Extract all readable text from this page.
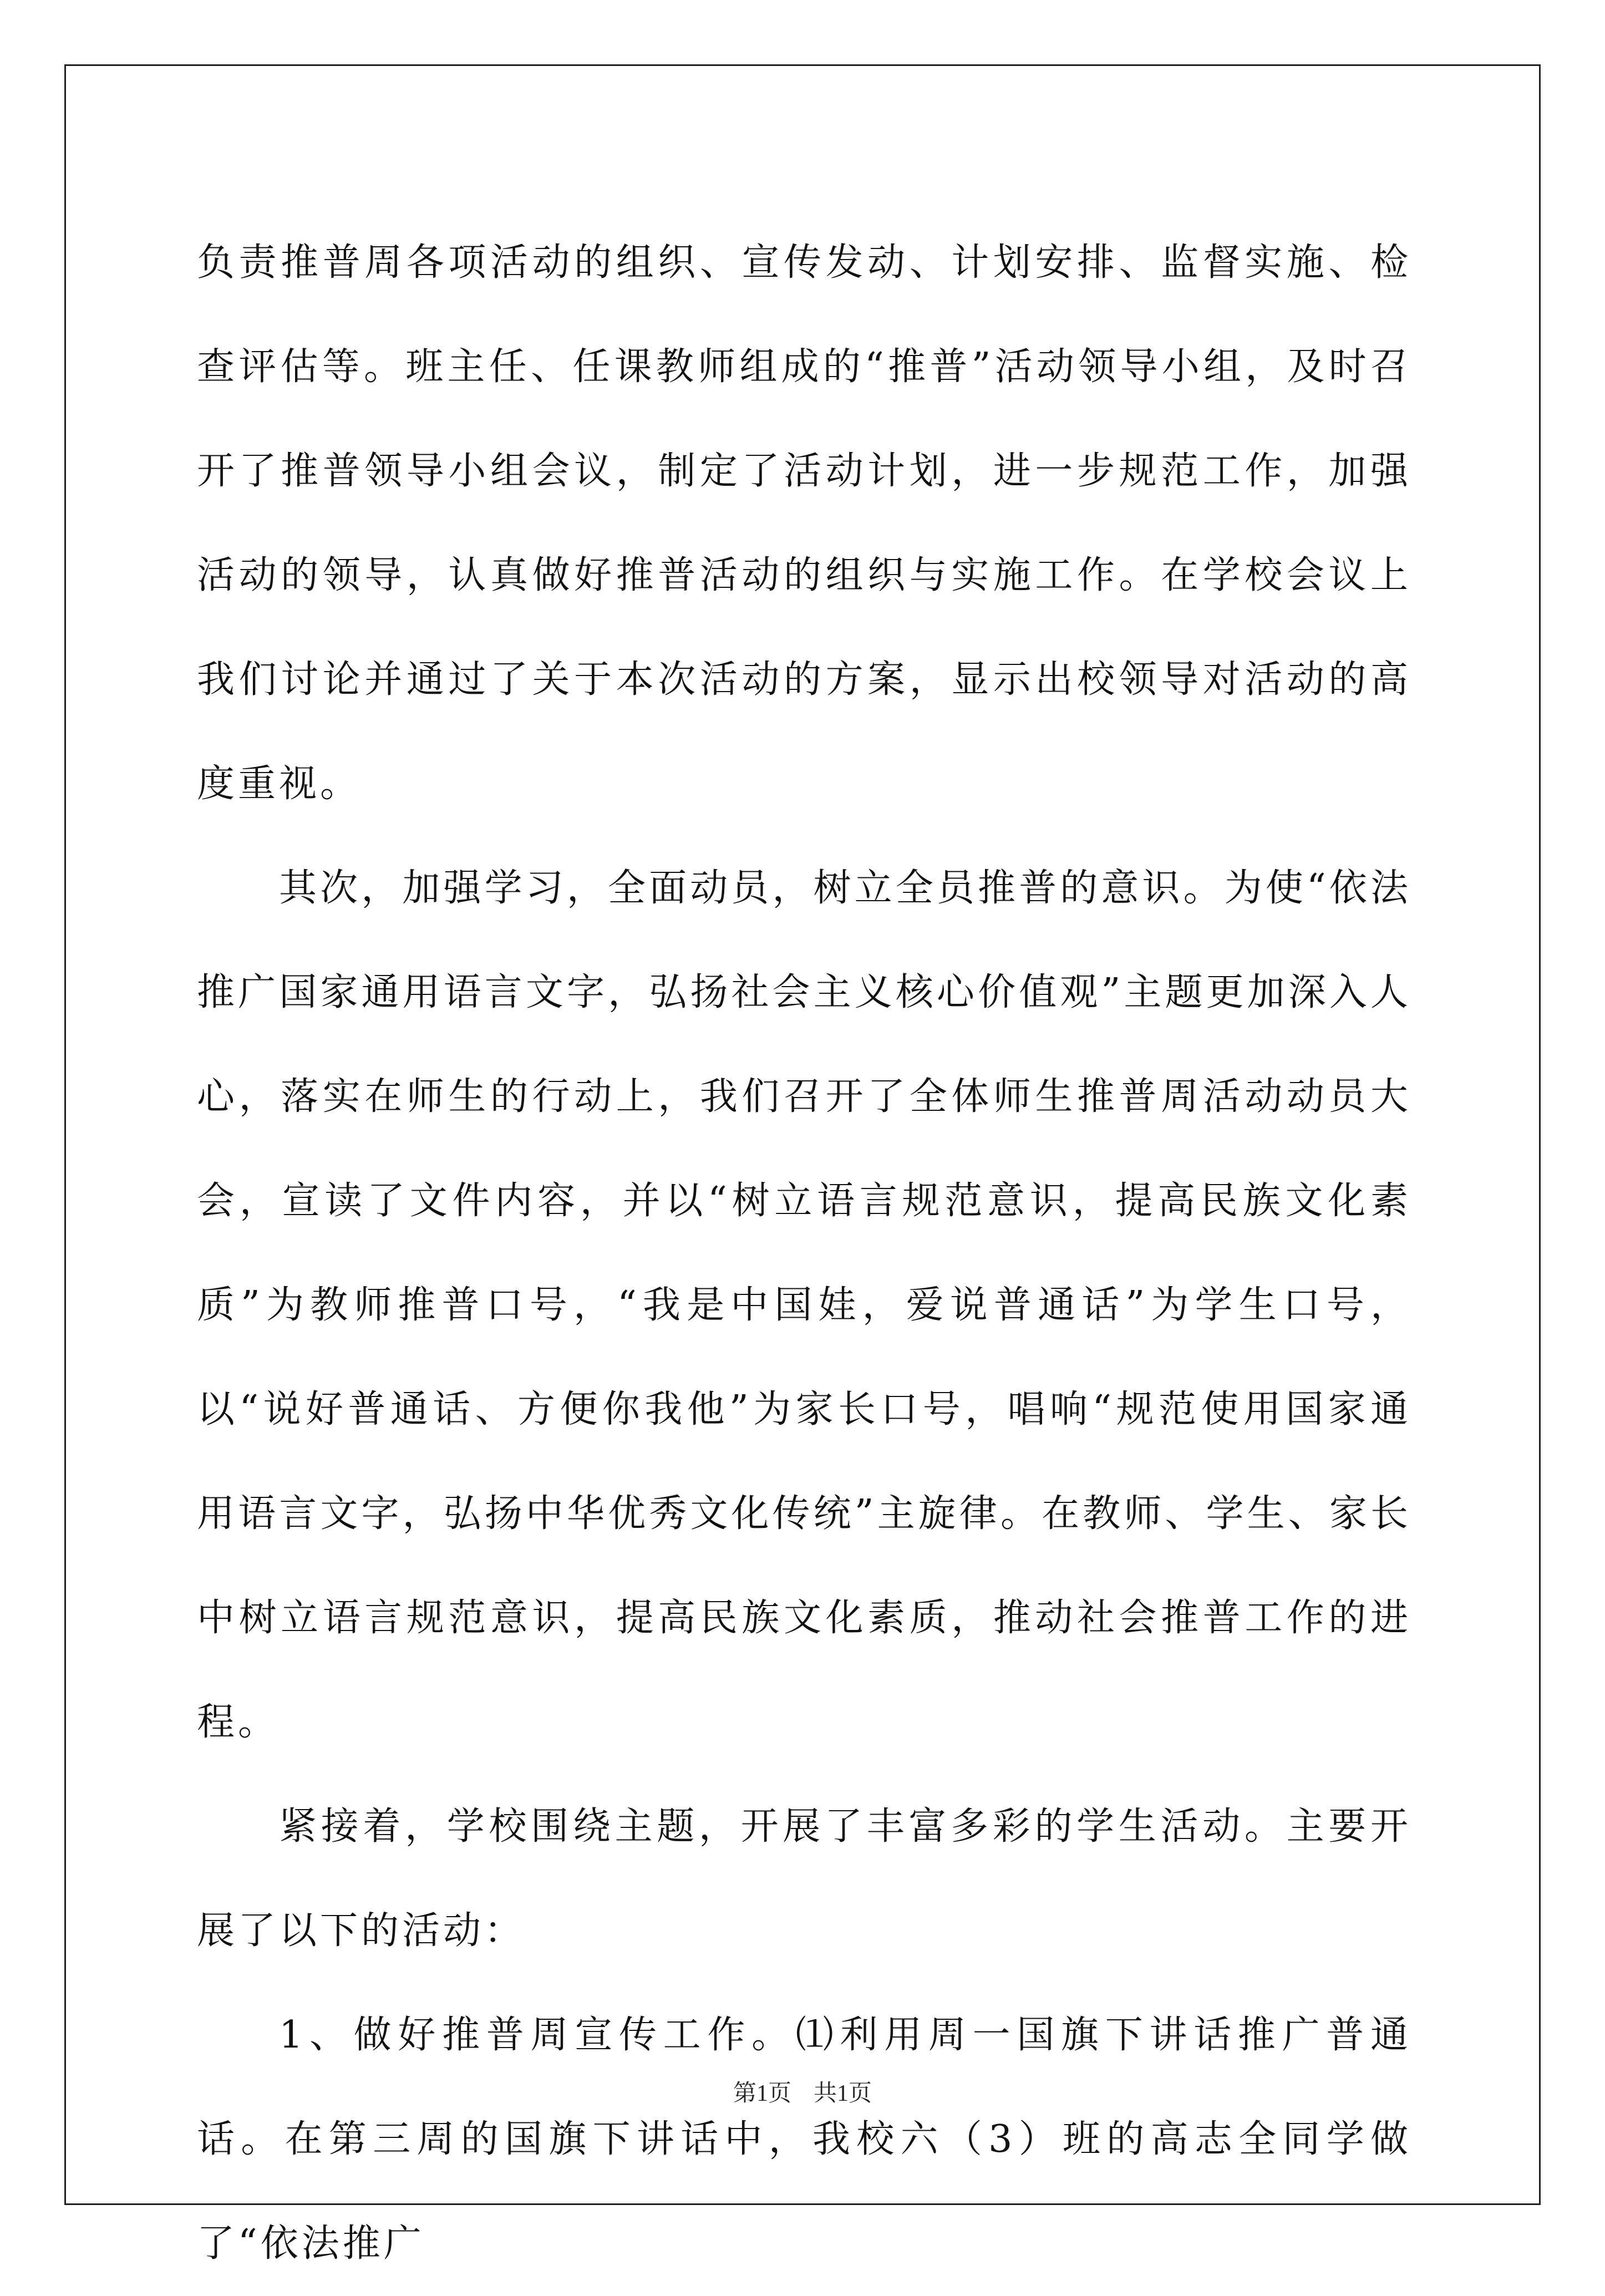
负责推普周各项活动的组织、宣传发动、计划安排、监督实施、检查评估等。班主任、任课教师组成的“推普”活动领导小组，及时召开了推普领导小组会议，制定了活动计划，进一步规范工作，加强活动的领导，认真做好推普活动的组织与实施工作。在学校会议上我们讨论并通过了关于本次活动的方案，显示出校领导对活动的高度重视。

其次，加强学习，全面动员，树立全员推普的意识。为使“依法推广国家通用语言文字，弘扬社会主义核心价值观”主题更加深入人心，落实在师生的行动上，我们召开了全体师生推普周活动动员大会，宣读了文件内容，并以“树立语言规范意识，提高民族文化素质”为教师推普口号，“我是中国娃，爱说普通话”为学生口号，以“说好普通话、方便你我他”为家长口号，唱响“规范使用国家通用语言文字，弘扬中华优秀文化传统”主旋律。在教师、学生、家长中树立语言规范意识，提高民族文化素质，推动社会推普工作的进程。

紧接着，学校围绕主题，开展了丰富多彩的学生活动。主要开展了以下的活动：

1、做好推普周宣传工作。⑴利用周一国旗下讲话推广普通话。在第三周的国旗下讲话中，我校六（3）班的高志全同学做了“依法推广

第1页 共1页
